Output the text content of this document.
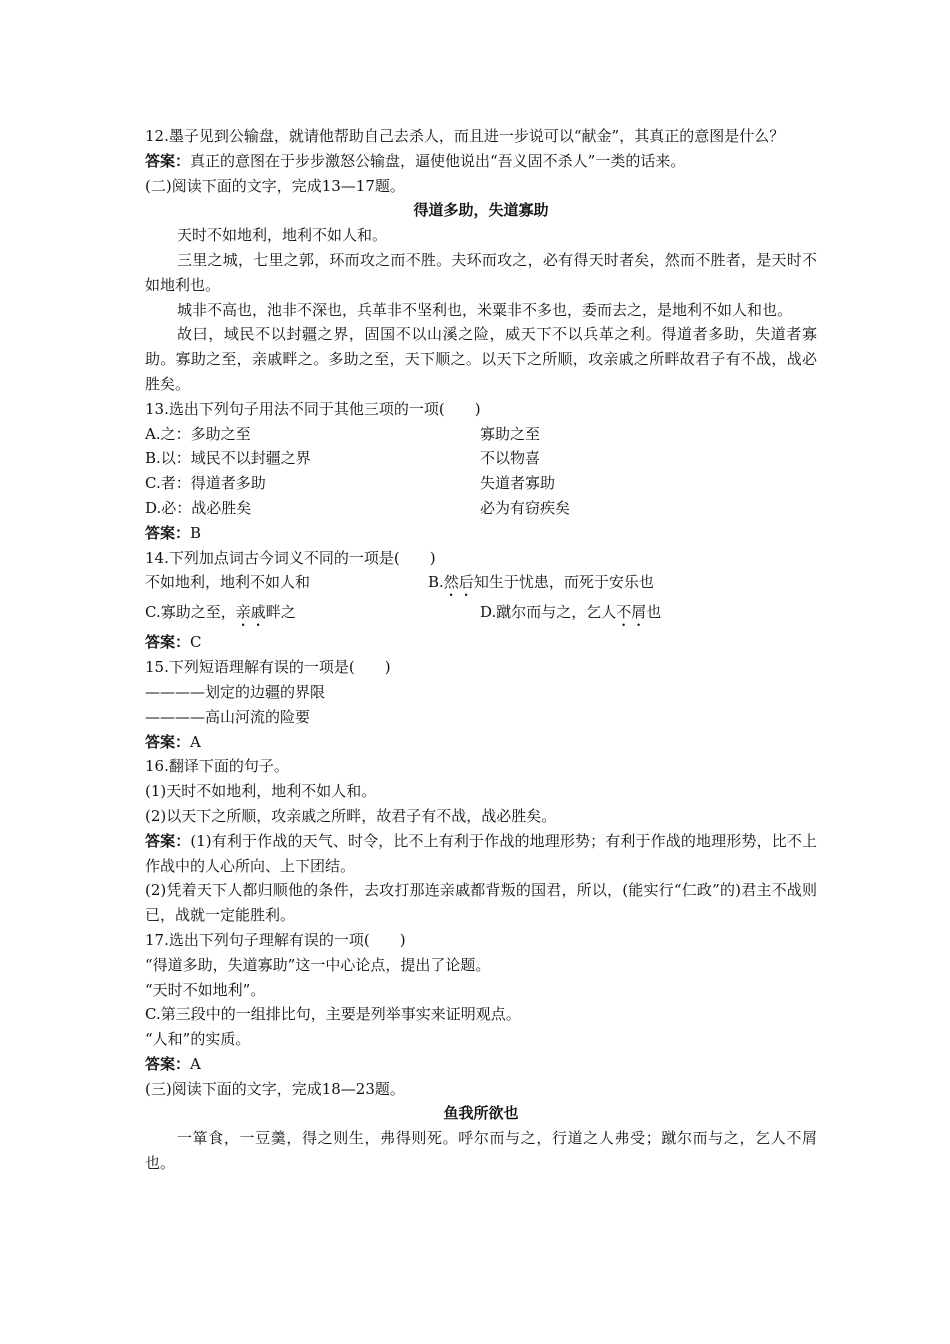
12.墨子见到公输盘，就请他帮助自己去杀人，而且进一步说可以“献金”，其真正的意图是什么？
答案：真正的意图在于步步激怒公输盘，逼使他说出“吾义固不杀人”一类的话来。
(二)阅读下面的文字，完成13—17题。
得道多助，失道寡助
天时不如地利，地利不如人和。
三里之城，七里之郭，环而攻之而不胜。夫环而攻之，必有得天时者矣，然而不胜者，是天时不如地利也。
城非不高也，池非不深也，兵革非不坚利也，米粟非不多也，委而去之，是地利不如人和也。
故曰，域民不以封疆之界，固国不以山溪之险，威天下不以兵革之利。得道者多助，失道者寡助。寡助之至，亲戚畔之。多助之至，天下顺之。以天下之所顺，攻亲戚之所畔故君子有不战，战必胜矣。
13.选出下列句子用法不同于其他三项的一项(　　)
A.之：多助之至	寡助之至
B.以：域民不以封疆之界	不以物喜
C.者：得道者多助	失道者寡助
D.必：战必胜矣	必为有窃疾矣
答案：B
14.下列加点词古今词义不同的一项是(　　)
不如地利，地利不如人和	B.然后知生于忧患，而死于安乐也
C.寡助之至，亲戚畔之	D.蹴尔而与之，乞人不屑也
答案：C
15.下列短语理解有误的一项是(　　)
————划定的边疆的界限
————高山河流的险要
答案：A
16.翻译下面的句子。
(1)天时不如地利，地利不如人和。
(2)以天下之所顺，攻亲戚之所畔，故君子有不战，战必胜矣。
答案：(1)有利于作战的天气、时令，比不上有利于作战的地理形势；有利于作战的地理形势，比不上作战中的人心所向、上下团结。
(2)凭着天下人都归顺他的条件，去攻打那连亲戚都背叛的国君，所以，(能实行“仁政”的)君主不战则已，战就一定能胜利。
17.选出下列句子理解有误的一项(　　)
“得道多助，失道寡助”这一中心论点，提出了论题。
“天时不如地利”。
C.第三段中的一组排比句，主要是列举事实来证明观点。
“人和”的实质。
答案：A
(三)阅读下面的文字，完成18—23题。
鱼我所欲也
一箪食，一豆羹，得之则生，弗得则死。呼尔而与之，行道之人弗受；蹴尔而与之，乞人不屑也。
